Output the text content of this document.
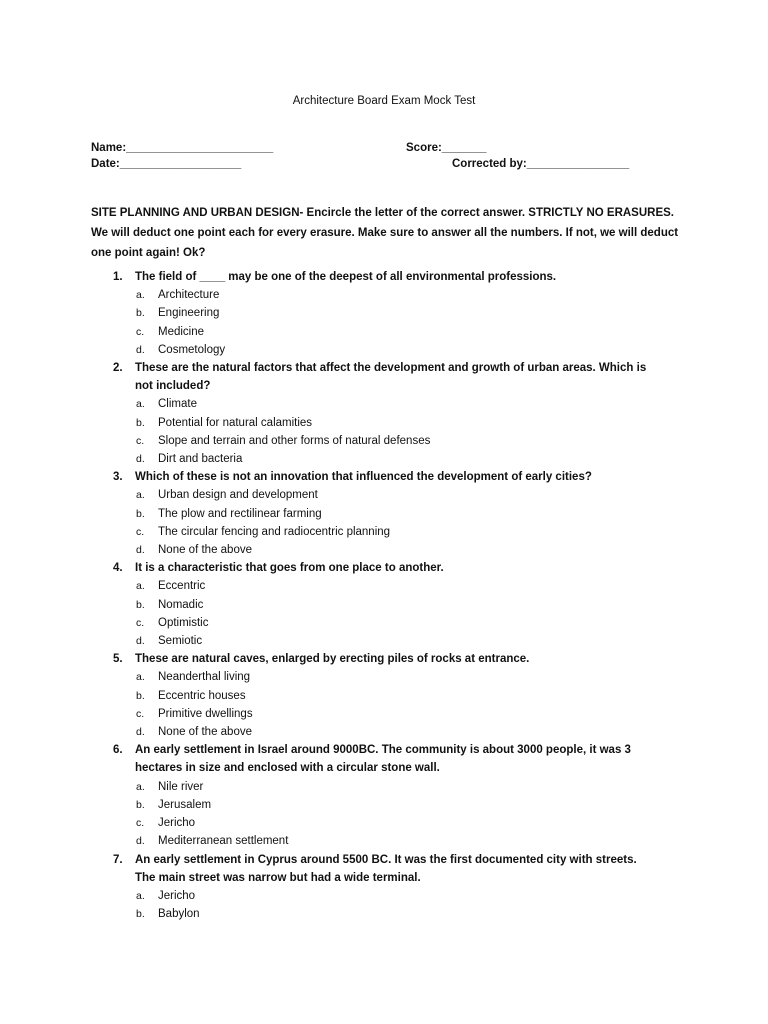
Architecture Board Exam Mock Test
Name:_______________________	Score:_______
Date:___________________	Corrected by:________________
SITE PLANNING AND URBAN DESIGN- Encircle the letter of the correct answer. STRICTLY NO ERASURES. We will deduct one point each for every erasure. Make sure to answer all the numbers. If not, we will deduct one point again! Ok?
1.	The field of ____ may be one of the deepest of all environmental professions.
a.	Architecture
b.	Engineering
c.	Medicine
d.	Cosmetology
2.	These are the natural factors that affect the development and growth of urban areas. Which is not included?
a.	Climate
b.	Potential for natural calamities
c.	Slope and terrain and other forms of natural defenses
d.	Dirt and bacteria
3.	Which of these is not an innovation that influenced the development of early cities?
a.	Urban design and development
b.	The plow and rectilinear farming
c.	The circular fencing and radiocentric planning
d.	None of the above
4.	It is a characteristic that goes from one place to another.
a.	Eccentric
b.	Nomadic
c.	Optimistic
d.	Semiotic
5.	These are natural caves, enlarged by erecting piles of rocks at entrance.
a.	Neanderthal living
b.	Eccentric houses
c.	Primitive dwellings
d.	None of the above
6.	An early settlement in Israel around 9000BC. The community is about 3000 people, it was 3 hectares in size and enclosed with a circular stone wall.
a.	Nile river
b.	Jerusalem
c.	Jericho
d.	Mediterranean settlement
7.	An early settlement in Cyprus around 5500 BC. It was the first documented city with streets. The main street was narrow but had a wide terminal.
a.	Jericho
b.	Babylon
